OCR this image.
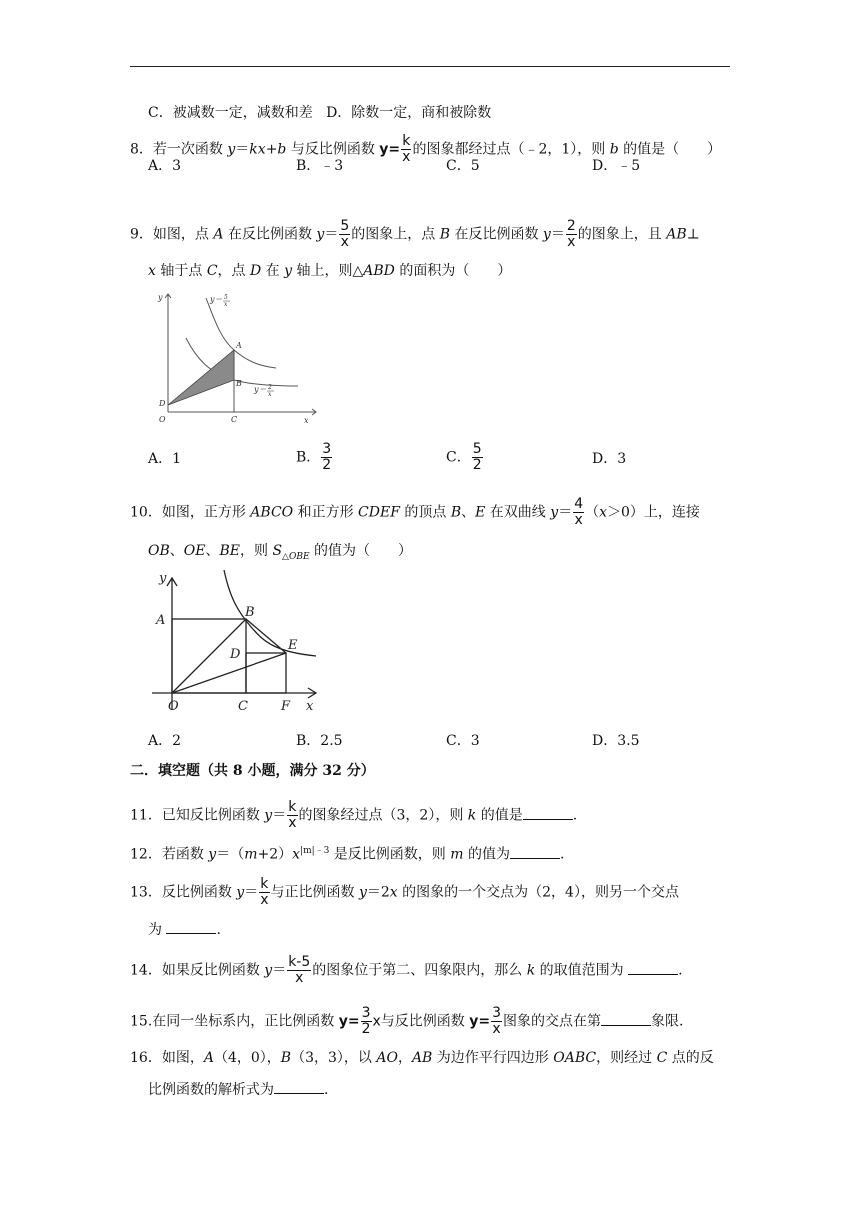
C．被减数一定，减数和差 D．除数一定，商和被除数
8．若一次函数 y＝kx+b 与反比例函数 $y= \frac{k}{x}$ 的图象都经过点（﹣2，1），则 b 的值是（　　）
A．3	B．﹣3	C．5	D．﹣5
9．如图，点 A 在反比例函数 $y= \frac{5}{x}$ 的图象上，点 B 在反比例函数 $y= \frac{2}{x}$ 的图象上，且 AB⊥
x 轴于点 C，点 D 在 y 轴上，则△ABD 的面积为（　　）
y
x
O	C
A
B
D
y＝ 5
x
y＝ 2
x
A．1	B． $\frac{3}{2}$	C． $\frac{5}{2}$	D．3
10．如图，正方形 ABCO 和正方形 CDEF 的顶点 B、E 在双曲线 $y= \frac{4}{x} (x>0)$上，连接
OB、OE、BE，则 $S_{\triangle OBE}$ 的值为（　　）
y
x
A
B
D
E
O	C	F
A．2	B．2.5	C．3	D．3.5
二．填空题（共 8 小题，满分 32 分）
11．已知反比例函数 $y= \frac{k}{x}$ 的图象经过点（3，2），则 k 的值是	.
12．若函数 $y=(m+2)x^{|m|﹣3}$ 是反比例函数，则 m 的值为	.
13．反比例函数 $y= \frac{k}{x}$ 与正比例函数 y＝2x 的图象的一个交点为（2，4），则另一个交点
为	.
14．如果反比例函数 $y= \frac{k-5}{x}$ 的图象位于第二、四象限内，那么 k 的取值范围为	.
15.在同一坐标系内，正比例函数 $y= \frac{3}{2}$ x与反比例函数 $y= \frac{3}{x}$ 图象的交点在第	象限.
16．如图，A（4，0），B（3，3），以 AO，AB 为边作平行四边形 OABC，则经过 C 点的反
比例函数的解析式为	.
